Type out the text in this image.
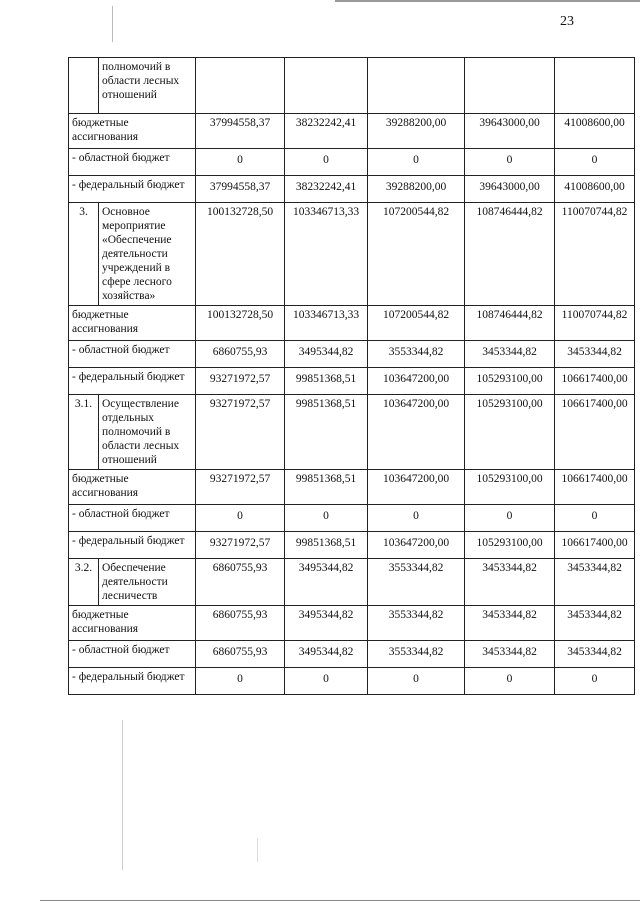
23
	полномочий в области лесных отношений					
бюджетные ассигнования		37994558,37	38232242,41	39288200,00	39643000,00	41008600,00
- областной бюджет		0	0	0	0	0
- федеральный бюджет		37994558,37	38232242,41	39288200,00	39643000,00	41008600,00
3.	Основное мероприятие «Обеспечение деятельности учреждений в сфере лесного хозяйства»	100132728,50	103346713,33	107200544,82	108746444,82	110070744,82
бюджетные ассигнования		100132728,50	103346713,33	107200544,82	108746444,82	110070744,82
- областной бюджет		6860755,93	3495344,82	3553344,82	3453344,82	3453344,82
- федеральный бюджет		93271972,57	99851368,51	103647200,00	105293100,00	106617400,00
3.1.	Осуществление отдельных полномочий в области лесных отношений	93271972,57	99851368,51	103647200,00	105293100,00	106617400,00
бюджетные ассигнования		93271972,57	99851368,51	103647200,00	105293100,00	106617400,00
- областной бюджет		0	0	0	0	0
- федеральный бюджет		93271972,57	99851368,51	103647200,00	105293100,00	106617400,00
3.2.	Обеспечение деятельности лесничеств	6860755,93	3495344,82	3553344,82	3453344,82	3453344,82
бюджетные ассигнования		6860755,93	3495344,82	3553344,82	3453344,82	3453344,82
- областной бюджет		6860755,93	3495344,82	3553344,82	3453344,82	3453344,82
- федеральный бюджет		0	0	0	0	0
